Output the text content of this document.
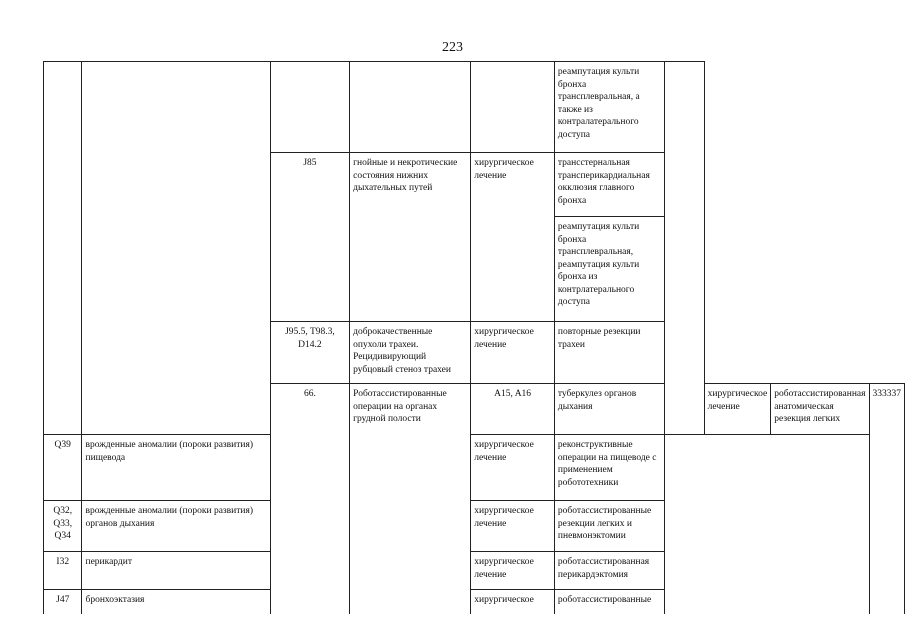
223
					реампутация культи бронха трансплевральная, а также из контралатерального доступа				
		J85	гнойные и некротические состояния нижних дыхательных путей	хирургическое лечение	трансстернальная трансперикардиальная окклюзия главного бронха				
					реампутация культи бронха трансплевральная, реампутация культи бронха из контрлатерального доступа				
		J95.5, T98.3, D14.2	доброкачественные опухоли трахеи. Рецидивирующий рубцовый стеноз трахеи	хирургическое лечение	повторные резекции трахеи				
		66.	Роботассистированные операции на органах грудной полости	A15, A16	туберкулез органов дыхания		хирургическое лечение	роботассистированная анатомическая резекция легких	333337
Q39	врожденные аномалии (пороки развития) пищевода			хирургическое лечение	реконструктивные операции на пищеводе с применением робототехники				
Q32, Q33, Q34	врожденные аномалии (пороки развития) органов дыхания			хирургическое лечение	роботассистированные резекции легких и пневмонэктомии				
I32	перикардит			хирургическое лечение	роботассистированная перикардэктомия				
J47	бронхоэктазия			хирургическое	роботассистированные				
